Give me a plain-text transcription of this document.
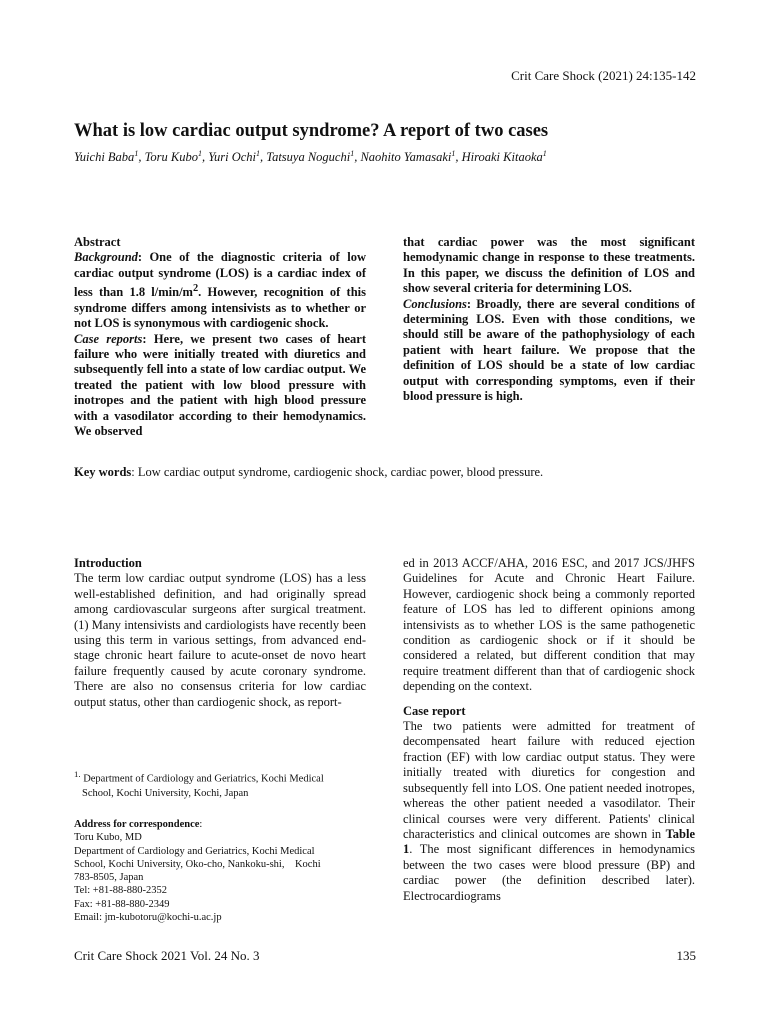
Crit Care Shock (2021) 24:135-142
What is low cardiac output syndrome? A report of two cases
Yuichi Baba$^1$, Toru Kubo$^1$, Yuri Ochi$^1$, Tatsuya Noguchi$^1$, Naohito Yamasaki$^1$, Hiroaki Kitaoka$^1$

Abstract

Background: One of the diagnostic criteria of low cardiac output syndrome (LOS) is a cardiac index of less than 1.8 $l/\min/m^2$. However, recognition of this syndrome differs among intensivists as to whether or not LOS is synonymous with cardiogenic shock.

Case reports: Here, we present two cases of heart failure who were initially treated with diuretics and subsequently fell into a state of low cardiac output. We treated the patient with low blood pressure with inotropes and the patient with high blood pressure with a vasodilator according to their hemodynamics. We observed

that cardiac power was the most significant hemodynamic change in response to these treatments. In this paper, we discuss the definition of LOS and show several criteria for determining LOS.

Conclusions: Broadly, there are several conditions of determining LOS. Even with those conditions, we should still be aware of the pathophysiology of each patient with heart failure. We propose that the definition of LOS should be a state of low cardiac output with corresponding symptoms, even if their blood pressure is high.

Key words: Low cardiac output syndrome, cardiogenic shock, cardiac power, blood pressure.

Introduction

The term low cardiac output syndrome (LOS) has a less well-established definition, and had originally spread among cardiovascular surgeons after surgical treatment. (1) Many intensivists and cardiologists have recently been using this term in various settings, from advanced end-stage chronic heart failure to acute-onset de novo heart failure frequently caused by acute coronary syndrome. There are also no consensus criteria for low cardiac output status, other than cardiogenic shock, as report-

ed in 2013 ACCF/AHA, 2016 ESC, and 2017 JCS/JHFS Guidelines for Acute and Chronic Heart Failure. However, cardiogenic shock being a commonly reported feature of LOS has led to different opinions among intensivists as to whether LOS is the same pathogenetic condition as cardiogenic shock or if it should be considered a related, but different condition that may require treatment different than that of cardiogenic shock depending on the context.

Case report

The two patients were admitted for treatment of decompensated heart failure with reduced ejection fraction (EF) with low cardiac output status. They were initially treated with diuretics for congestion and subsequently fell into LOS. One patient needed inotropes, whereas the other patient needed a vasodilator. Their clinical courses were very different. Patients' clinical characteristics and clinical outcomes are shown in Table 1. The most significant differences in hemodynamics between the two cases were blood pressure (BP) and cardiac power (the definition described later). Electrocardiograms

$^{1.}$ Department of Cardiology and Geriatrics, Kochi Medical
School, Kochi University, Kochi, Japan
Address for correspondence:
Toru Kubo, MD
Department of Cardiology and Geriatrics, Kochi Medical
School, Kochi University, Oko-cho, Nankoku-shi,    Kochi
783-8505, Japan
Tel: +81-88-880-2352
Fax: +81-88-880-2349
Email: jm-kubotoru@kochi-u.ac.jp
Crit Care Shock 2021 Vol. 24 No. 3	135
